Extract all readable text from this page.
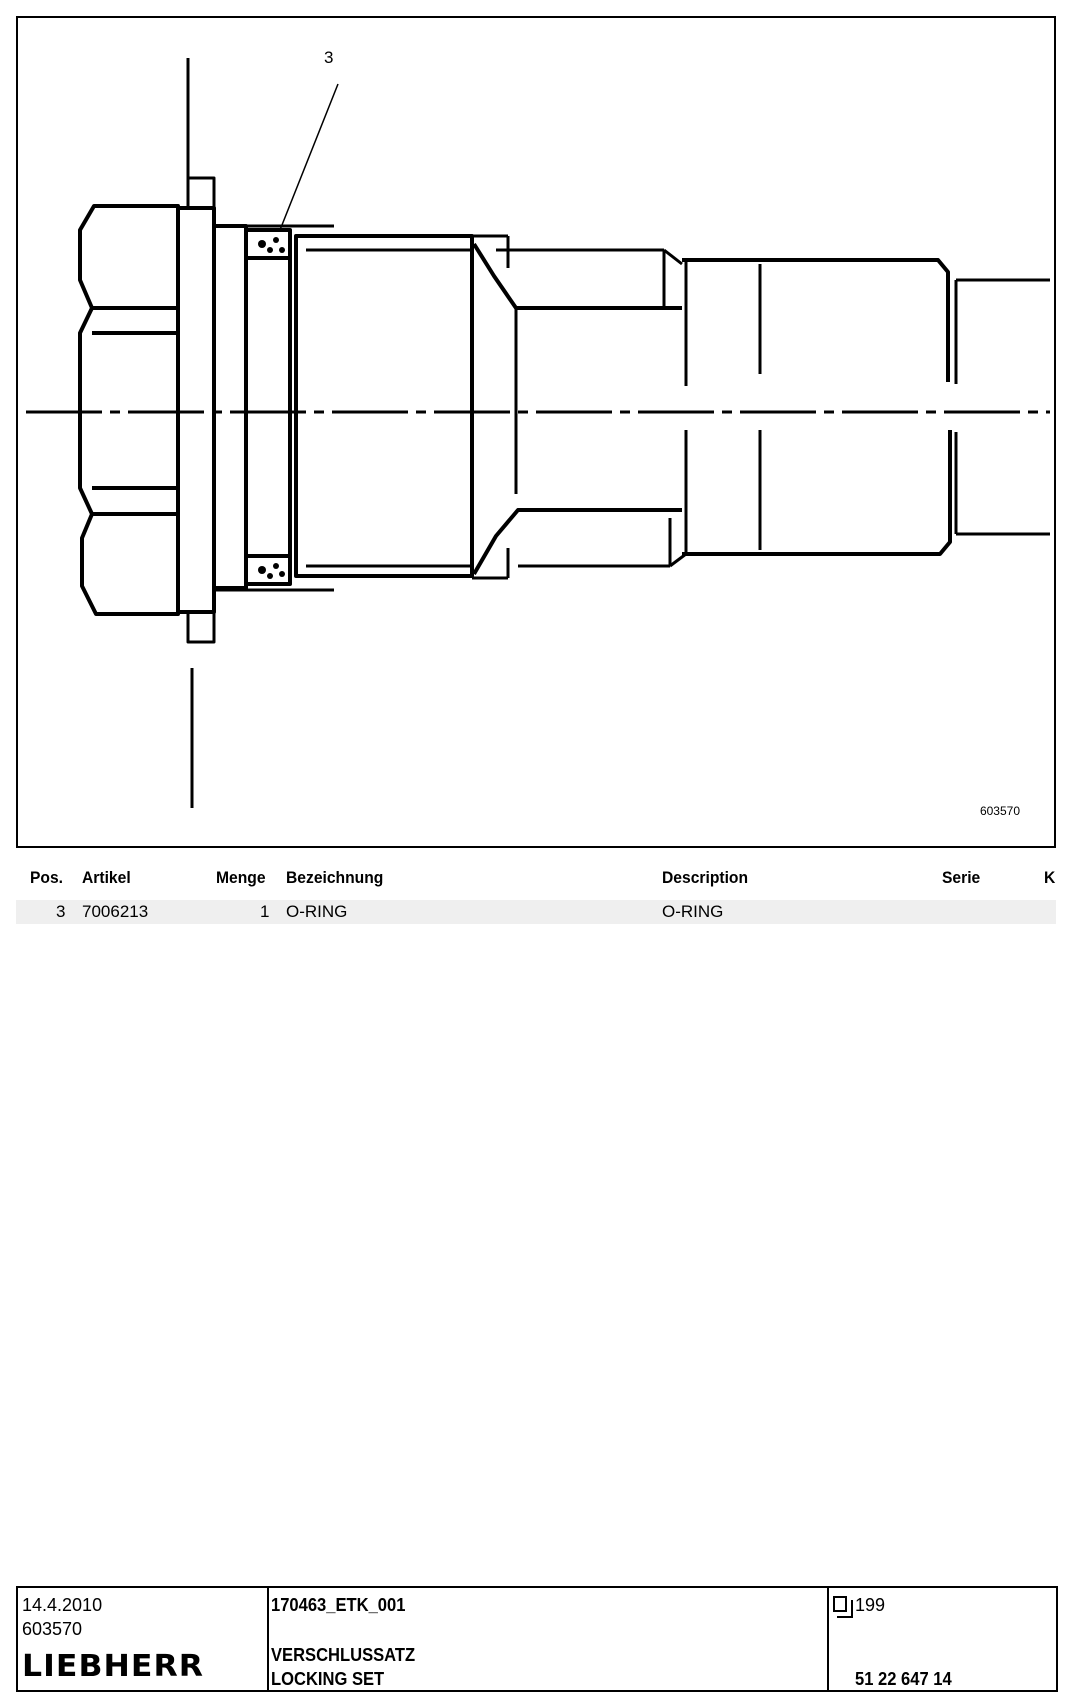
3
603570
Pos. Artikel	Menge Bezeichnung	Description	Serie	K
3 7006213	1 O-RING	O-RING
14.4.2010
603570
LIEBHERR
170463_ETK_001
VERSCHLUSSATZ
LOCKING SET
199
51 22 647 14
